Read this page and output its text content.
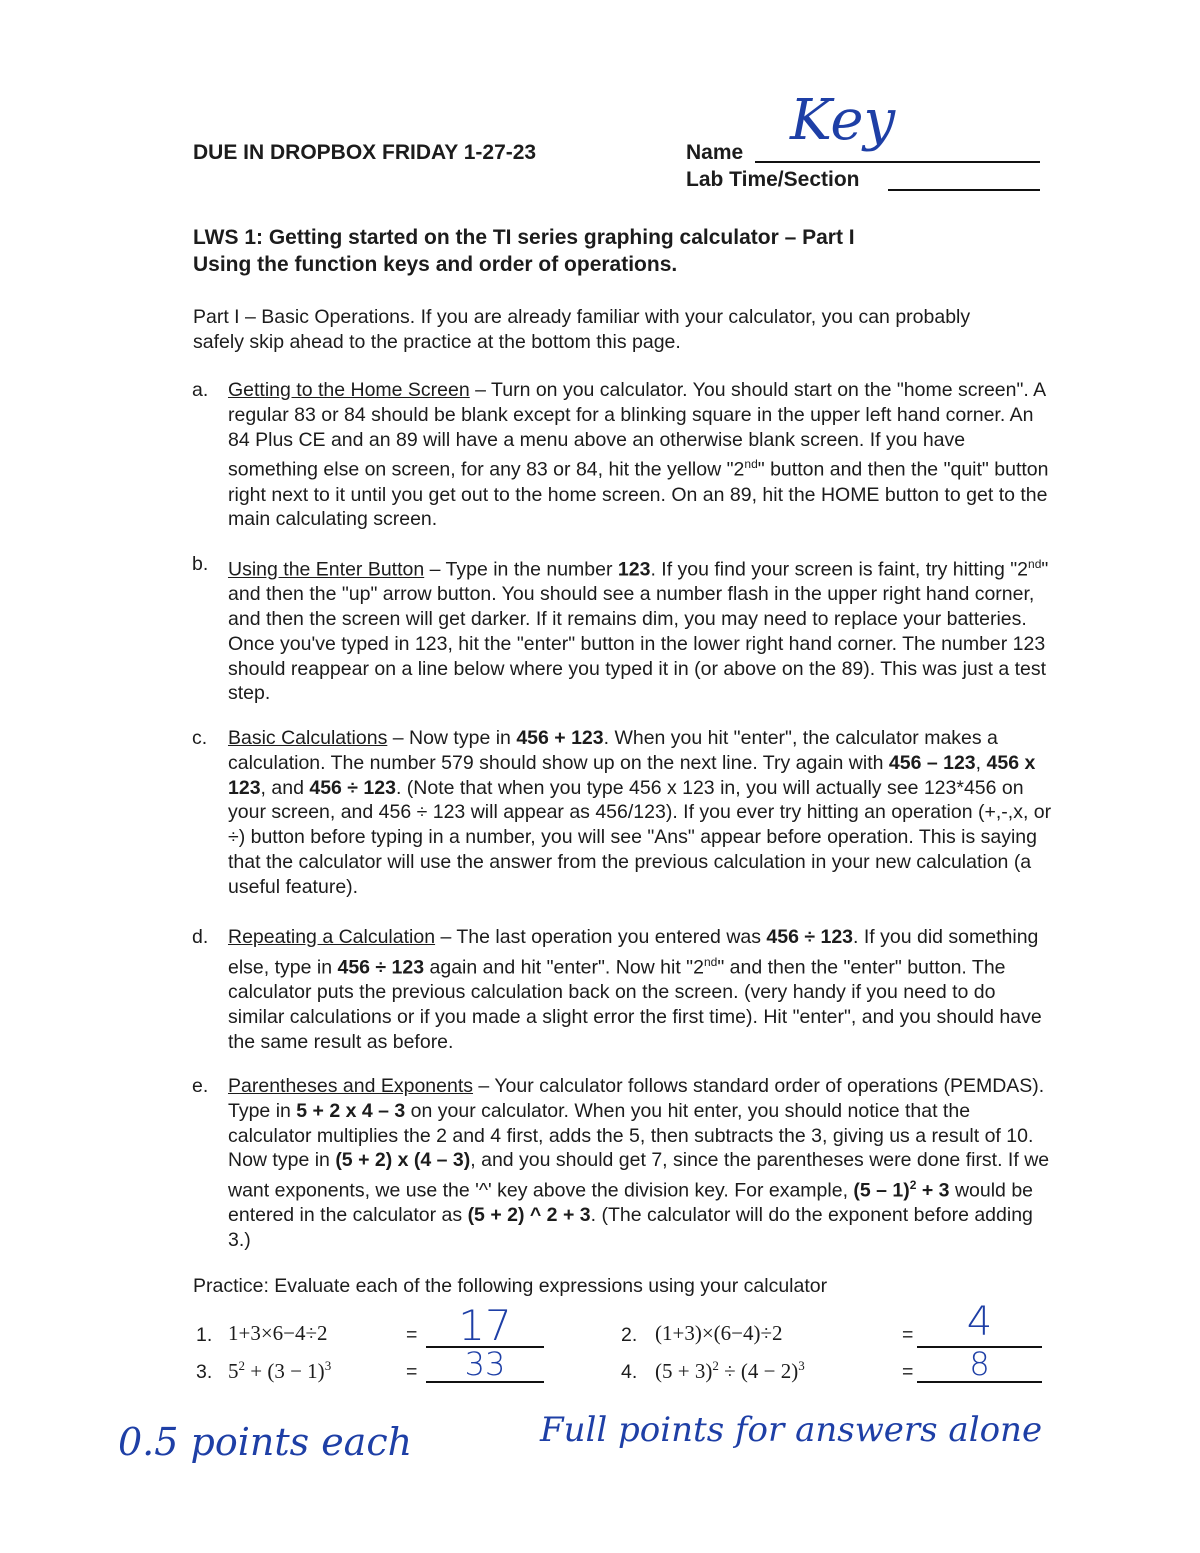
DUE IN DROPBOX FRIDAY 1-27-23	Name Key
Lab Time/Section
LWS 1: Getting started on the TI series graphing calculator – Part I
Using the function keys and order of operations.
Part I – Basic Operations. If you are already familiar with your calculator, you can probably safely skip ahead to the practice at the bottom this page.
a.	Getting to the Home Screen – Turn on you calculator. You should start on the "home screen". A regular 83 or 84 should be blank except for a blinking square in the upper left hand corner. An 84 Plus CE and an 89 will have a menu above an otherwise blank screen. If you have something else on screen, for any 83 or 84, hit the yellow "2nd" button and then the "quit" button right next to it until you get out to the home screen. On an 89, hit the HOME button to get to the main calculating screen.
b.	Using the Enter Button – Type in the number 123. If you find your screen is faint, try hitting "2nd" and then the "up" arrow button. You should see a number flash in the upper right hand corner, and then the screen will get darker. If it remains dim, you may need to replace your batteries. Once you've typed in 123, hit the "enter" button in the lower right hand corner. The number 123 should reappear on a line below where you typed it in (or above on the 89). This was just a test step.
c.	Basic Calculations – Now type in 456 + 123. When you hit "enter", the calculator makes a calculation. The number 579 should show up on the next line. Try again with 456 – 123, 456 x 123, and 456 ÷ 123. (Note that when you type 456 x 123 in, you will actually see 123*456 on your screen, and 456 ÷ 123 will appear as 456/123). If you ever try hitting an operation (+,-,x, or ÷) button before typing in a number, you will see "Ans" appear before operation. This is saying that the calculator will use the answer from the previous calculation in your new calculation (a useful feature).
d.	Repeating a Calculation – The last operation you entered was 456 ÷ 123. If you did something else, type in 456 ÷ 123 again and hit "enter". Now hit "2nd" and then the "enter" button. The calculator puts the previous calculation back on the screen. (very handy if you need to do similar calculations or if you made a slight error the first time). Hit "enter", and you should have the same result as before.
e.	Parentheses and Exponents – Your calculator follows standard order of operations (PEMDAS). Type in 5 + 2 x 4 – 3 on your calculator. When you hit enter, you should notice that the calculator multiplies the 2 and 4 first, adds the 5, then subtracts the 3, giving us a result of 10. Now type in (5 + 2) x (4 – 3), and you should get 7, since the parentheses were done first. If we want exponents, we use the '^' key above the division key. For example, (5 – 1)$^2$ + 3 would be entered in the calculator as (5 + 2) ^ 2 + 3. (The calculator will do the exponent before adding 3.)
Practice: Evaluate each of the following expressions using your calculator
1. 1+3×6−4÷2	= 17	2. (1+3)×(6−4)÷2	=	4
3. $5^2 + (3 - 1)^3$	=	33	4. $(5 + 3)^2 \div (4 - 2)^3$	=	8
0.5 points each	Full points for answers alone
